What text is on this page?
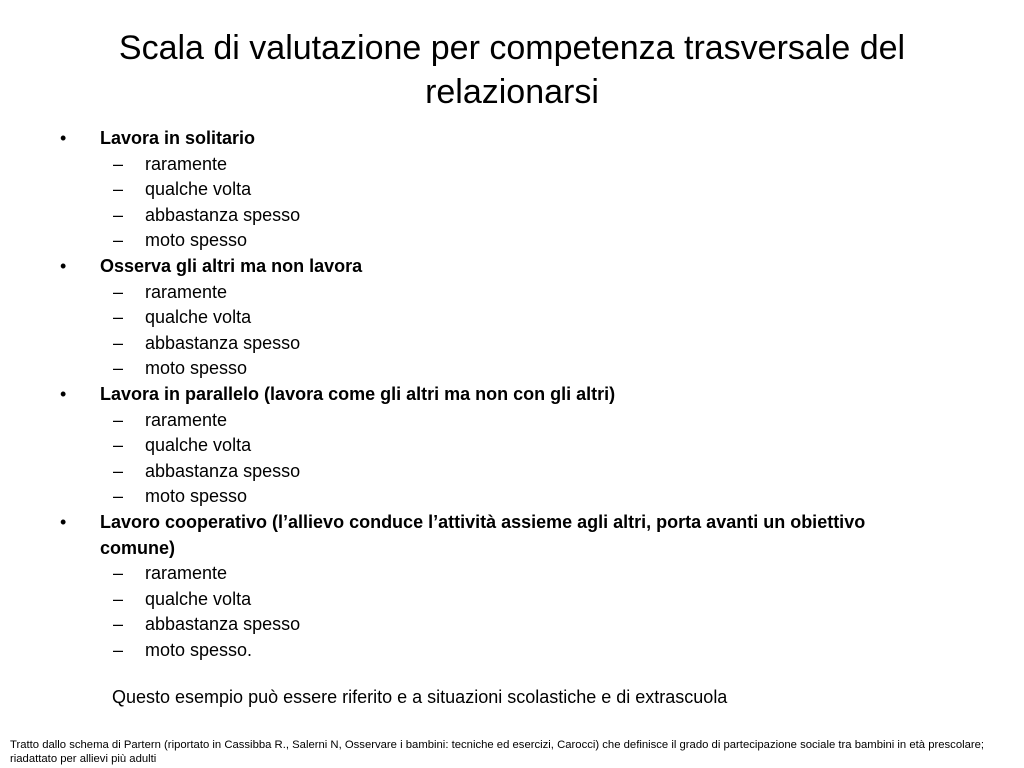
Scala di valutazione per competenza trasversale del relazionarsi
• Lavora in solitario
– raramente
– qualche volta
– abbastanza spesso
– moto spesso
• Osserva gli altri ma non lavora
– raramente
– qualche volta
– abbastanza spesso
– moto spesso
• Lavora in parallelo (lavora come gli altri ma non con gli altri)
– raramente
– qualche volta
– abbastanza spesso
– moto spesso
• Lavoro cooperativo (l’allievo conduce l’attività assieme agli altri, porta avanti un obiettivo comune)
– raramente
– qualche volta
– abbastanza spesso
– moto spesso.

Questo esempio può essere riferito e a situazioni scolastiche e di extrascuola

Tratto dallo schema di Partern (riportato in Cassibba R., Salerni N, Osservare i bambini: tecniche ed esercizi, Carocci) che definisce il grado di partecipazione sociale tra bambini in età prescolare; riadattato per allievi più adulti
